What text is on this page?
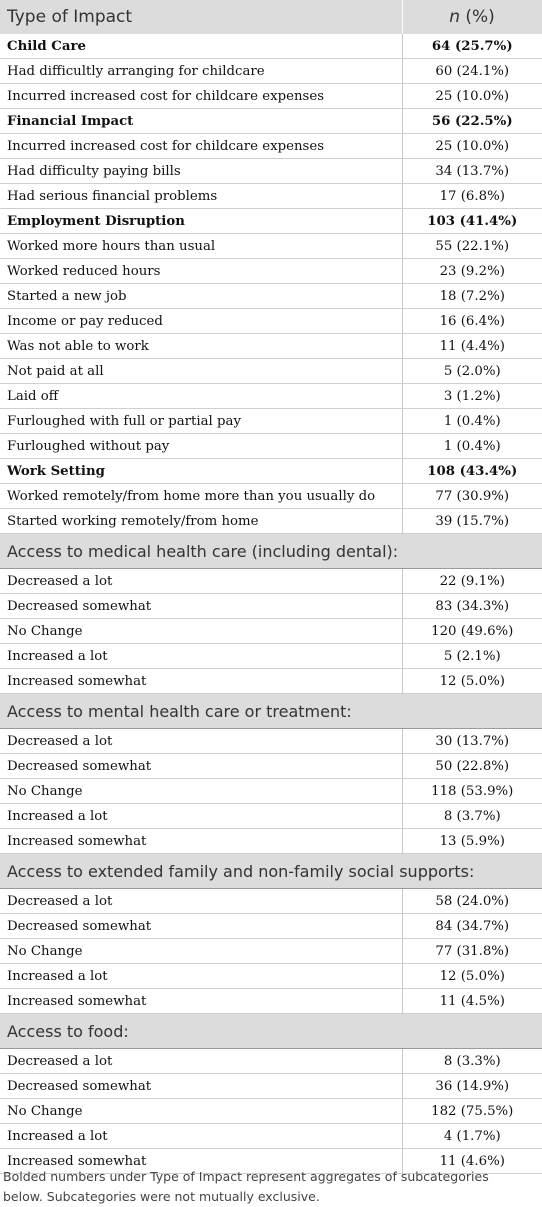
Type of Impact	n (%)
Child Care	64 (25.7%)
Had difficultly arranging for childcare	60 (24.1%)
Incurred increased cost for childcare expenses	25 (10.0%)
Financial Impact	56 (22.5%)
Incurred increased cost for childcare expenses	25 (10.0%)
Had difficulty paying bills	34 (13.7%)
Had serious financial problems	17 (6.8%)
Employment Disruption	103 (41.4%)
Worked more hours than usual	55 (22.1%)
Worked reduced hours	23 (9.2%)
Started a new job	18 (7.2%)
Income or pay reduced	16 (6.4%)
Was not able to work	11 (4.4%)
Not paid at all	5 (2.0%)
Laid off	3 (1.2%)
Furloughed with full or partial pay	1 (0.4%)
Furloughed without pay	1 (0.4%)
Work Setting	108 (43.4%)
Worked remotely/from home more than you usually do	77 (30.9%)
Started working remotely/from home	39 (15.7%)
Access to medical health care (including dental):	
Decreased a lot	22 (9.1%)
Decreased somewhat	83 (34.3%)
No Change	120 (49.6%)
Increased a lot	5 (2.1%)
Increased somewhat	12 (5.0%)
Access to mental health care or treatment:	
Decreased a lot	30 (13.7%)
Decreased somewhat	50 (22.8%)
No Change	118 (53.9%)
Increased a lot	8 (3.7%)
Increased somewhat	13 (5.9%)
Access to extended family and non-family social supports:	
Decreased a lot	58 (24.0%)
Decreased somewhat	84 (34.7%)
No Change	77 (31.8%)
Increased a lot	12 (5.0%)
Increased somewhat	11 (4.5%)
Access to food:	
Decreased a lot	8 (3.3%)
Decreased somewhat	36 (14.9%)
No Change	182 (75.5%)
Increased a lot	4 (1.7%)
Increased somewhat	11 (4.6%)

Bolded numbers under Type of Impact represent aggregates of subcategories

below. Subcategories were not mutually exclusive.
